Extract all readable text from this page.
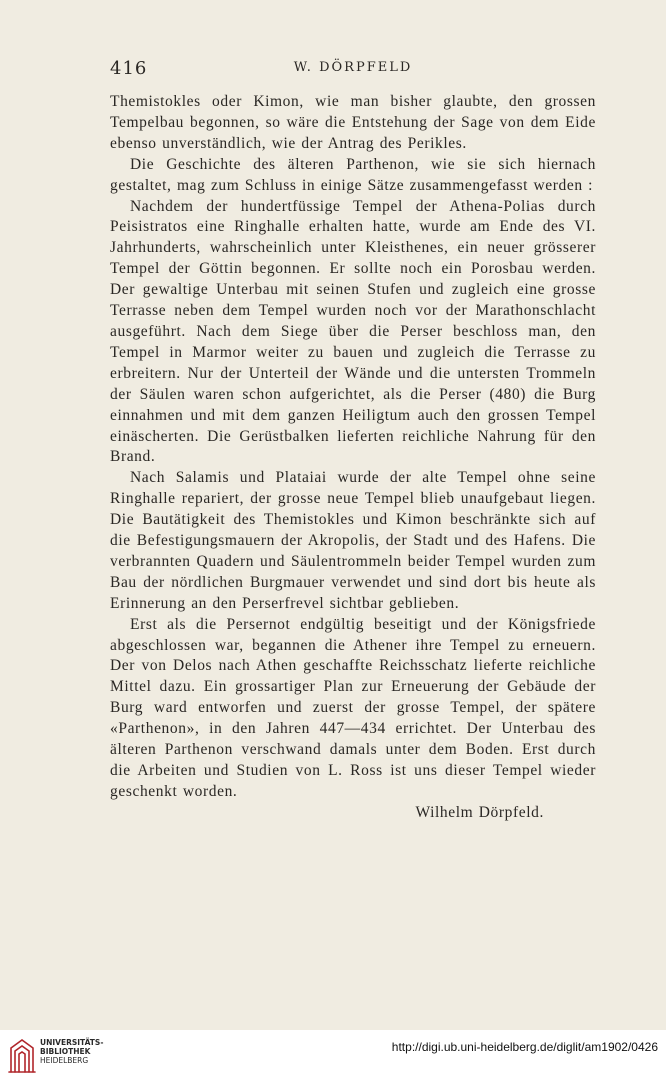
416	W. DÖRPFELD

Themistokles oder Kimon, wie man bisher glaubte, den grossen Tempelbau begonnen, so wäre die Entstehung der Sage von dem Eide ebenso unverständlich, wie der Antrag des Perikles.

Die Geschichte des älteren Parthenon, wie sie sich hiernach gestaltet, mag zum Schluss in einige Sätze zusammengefasst werden :

Nachdem der hundertfüssige Tempel der Athena-Polias durch Peisistratos eine Ringhalle erhalten hatte, wurde am Ende des VI. Jahrhunderts, wahrscheinlich unter Kleisthenes, ein neuer grösserer Tempel der Göttin begonnen. Er sollte noch ein Porosbau werden. Der gewaltige Unterbau mit seinen Stufen und zugleich eine grosse Terrasse neben dem Tempel wurden noch vor der Marathonschlacht ausgeführt. Nach dem Siege über die Perser beschloss man, den Tempel in Marmor weiter zu bauen und zugleich die Terrasse zu erbreitern. Nur der Unterteil der Wände und die untersten Trommeln der Säulen waren schon aufgerichtet, als die Perser (480) die Burg einnahmen und mit dem ganzen Heiligtum auch den grossen Tempel einäscherten. Die Gerüstbalken lieferten reichliche Nahrung für den Brand.

Nach Salamis und Plataiai wurde der alte Tempel ohne seine Ringhalle repariert, der grosse neue Tempel blieb unaufgebaut liegen. Die Bautätigkeit des Themistokles und Kimon beschränkte sich auf die Befestigungsmauern der Akropolis, der Stadt und des Hafens. Die verbrannten Quadern und Säulentrommeln beider Tempel wurden zum Bau der nördlichen Burgmauer verwendet und sind dort bis heute als Erinnerung an den Perserfrevel sichtbar geblieben.

Erst als die Persernot endgültig beseitigt und der Königsfriede abgeschlossen war, begannen die Athener ihre Tempel zu erneuern. Der von Delos nach Athen geschaffte Reichsschatz lieferte reichliche Mittel dazu. Ein grossartiger Plan zur Erneuerung der Gebäude der Burg ward entworfen und zuerst der grosse Tempel, der spätere «Parthenon», in den Jahren 447—434 errichtet. Der Unterbau des älteren Parthenon verschwand damals unter dem Boden. Erst durch die Arbeiten und Studien von L. Ross ist uns dieser Tempel wieder geschenkt worden.

Wilhelm Dörpfeld.

UNIVERSITÄTS-
BIBLIOTHEK
HEIDELBERG
http://digi.ub.uni-heidelberg.de/diglit/am1902/0426
